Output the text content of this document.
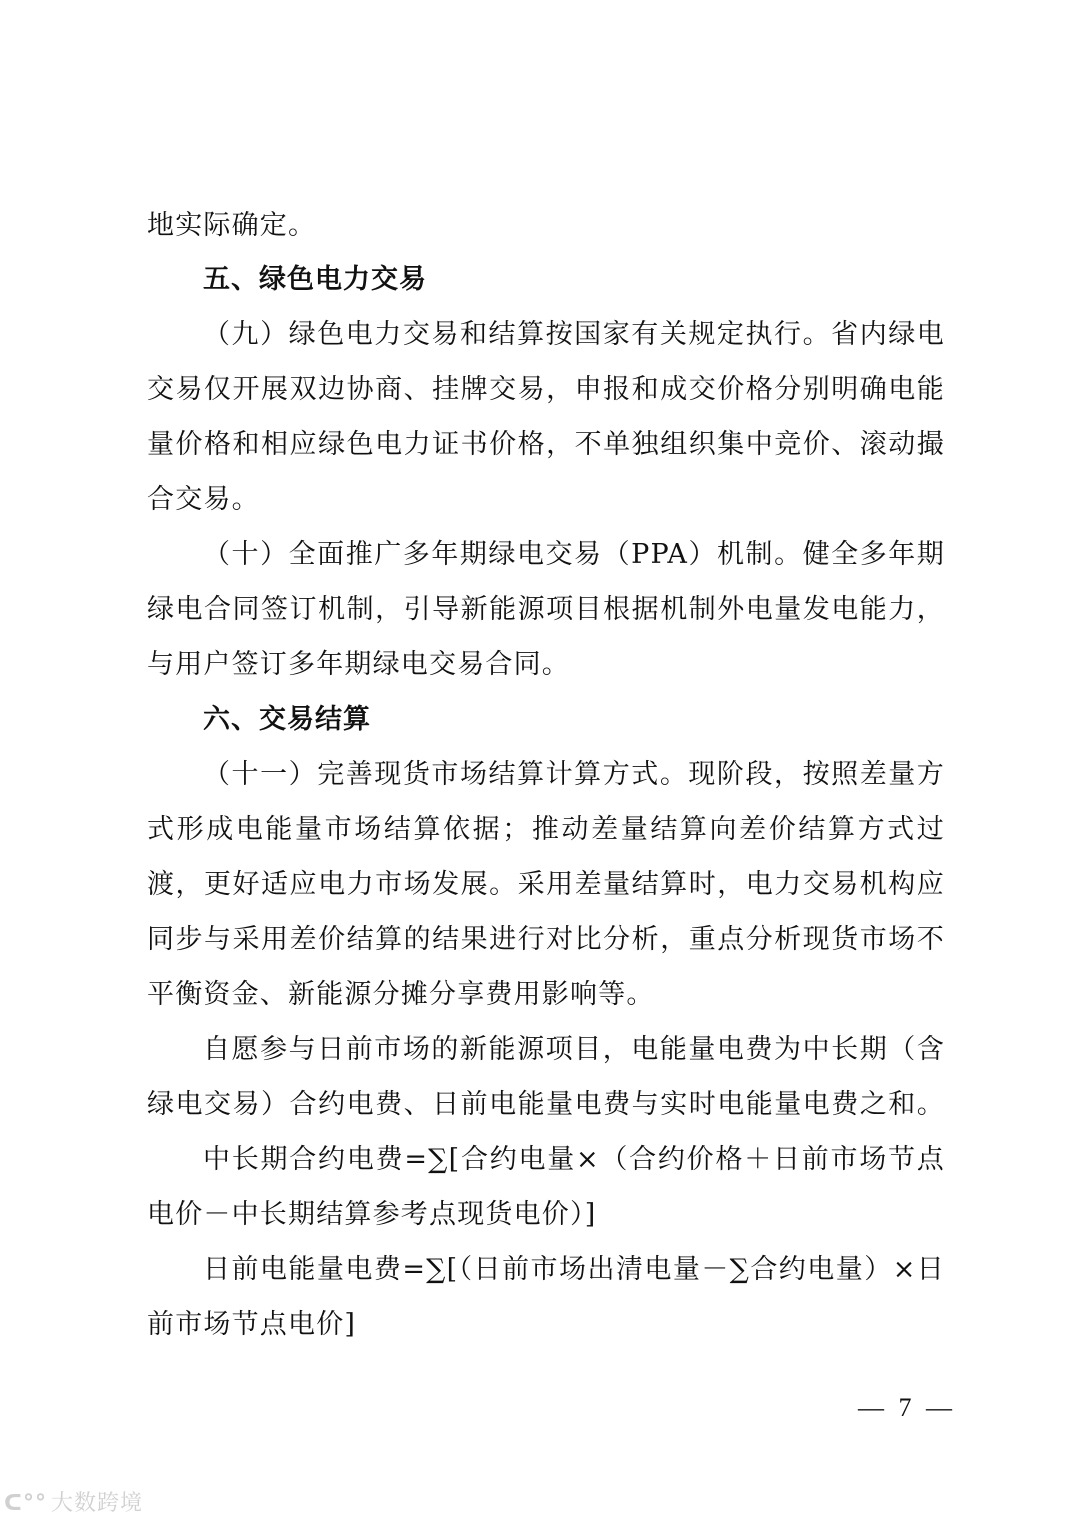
地实际确定。
五、绿色电力交易
（九）绿色电力交易和结算按国家有关规定执行。省内绿电
交易仅开展双边协商、挂牌交易，申报和成交价格分别明确电能
量价格和相应绿色电力证书价格，不单独组织集中竞价、滚动撮
合交易。
（十）全面推广多年期绿电交易（PPA）机制。健全多年期
绿电合同签订机制，引导新能源项目根据机制外电量发电能力，
与用户签订多年期绿电交易合同。
六、交易结算
（十一）完善现货市场结算计算方式。现阶段，按照差量方
式形成电能量市场结算依据；推动差量结算向差价结算方式过
渡，更好适应电力市场发展。采用差量结算时，电力交易机构应
同步与采用差价结算的结果进行对比分析，重点分析现货市场不
平衡资金、新能源分摊分享费用影响等。
自愿参与日前市场的新能源项目，电能量电费为中长期（含
绿电交易）合约电费、日前电能量电费与实时电能量电费之和。
中长期合约电费=∑[合约电量×（合约价格＋日前市场节点
电价－中长期结算参考点现货电价）]
日前电能量电费=∑[（日前市场出清电量－∑合约电量）×日
前市场节点电价]
— 7 —
ᑕ°° 大数跨境
